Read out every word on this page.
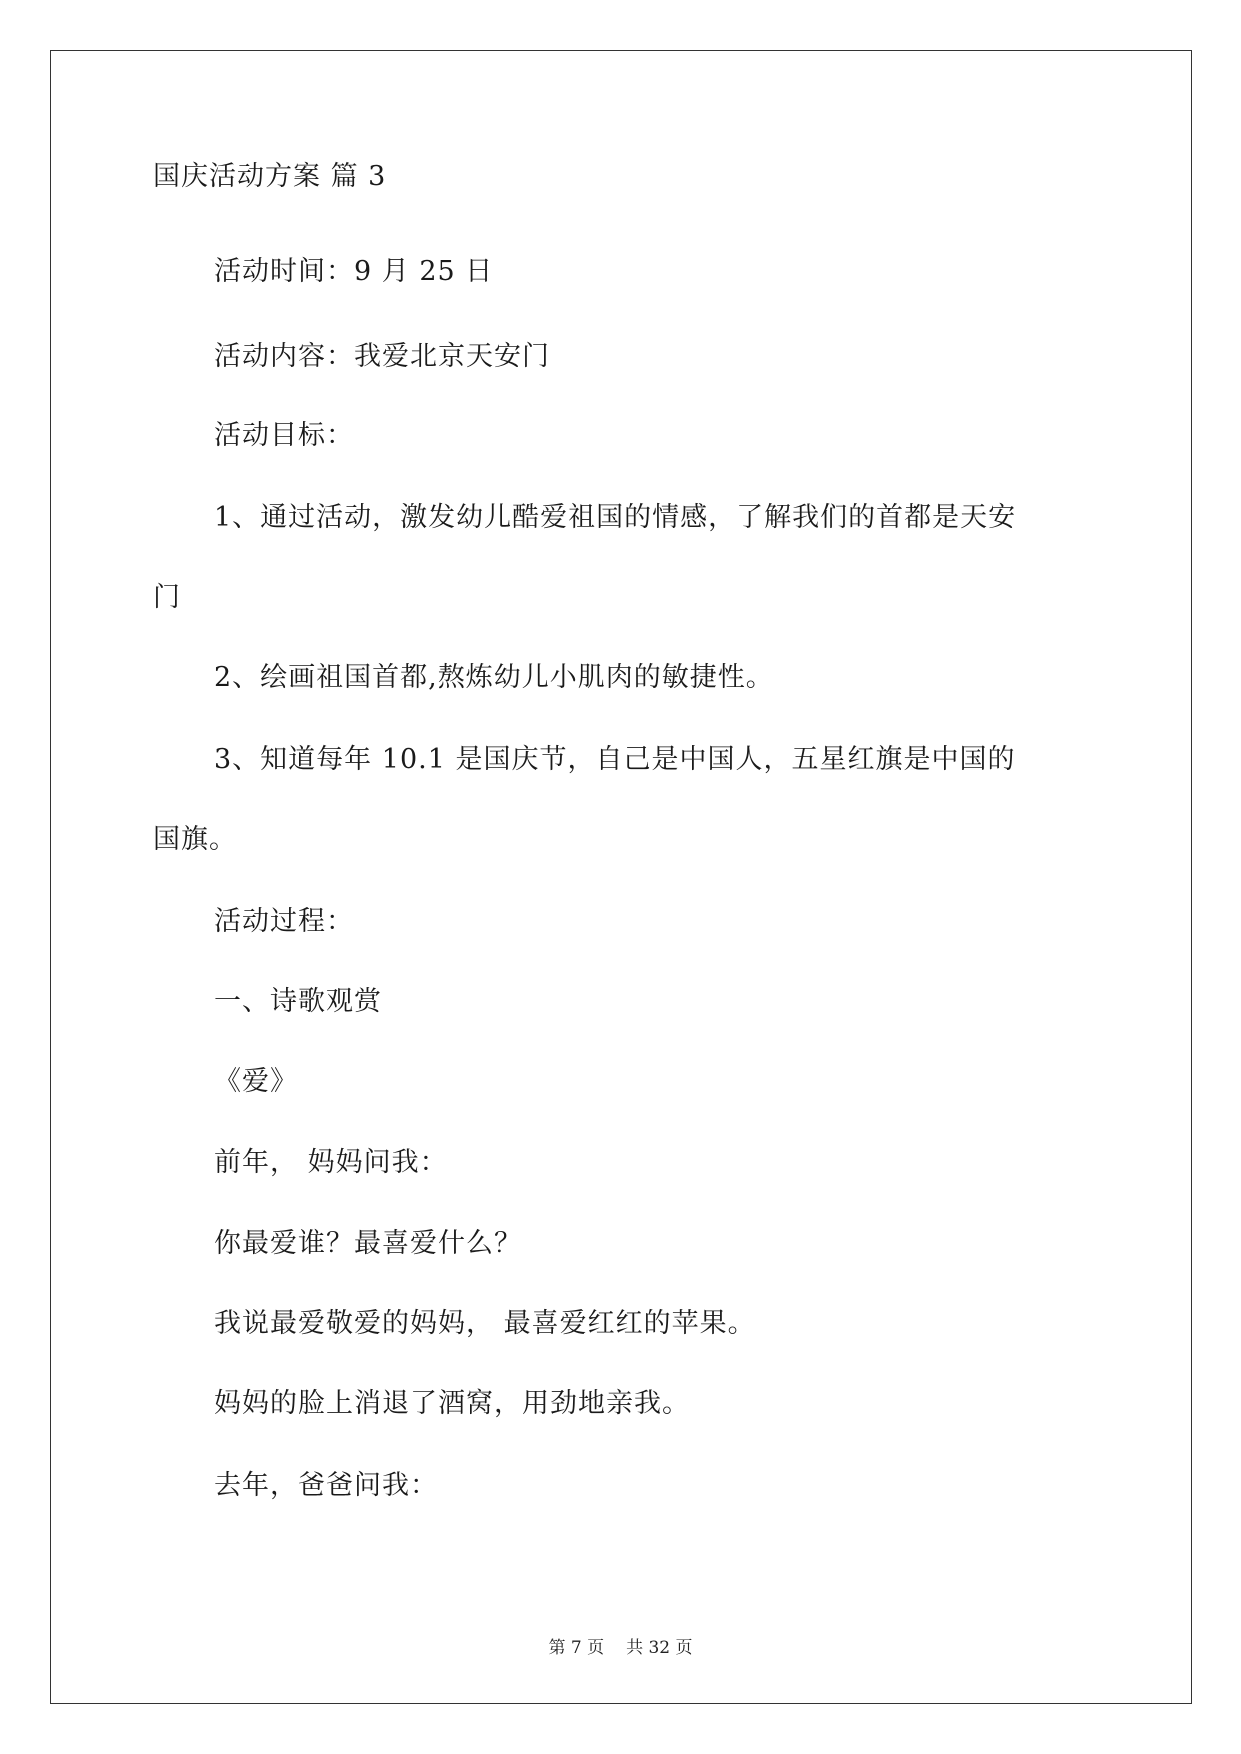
国庆活动方案 篇 3
活动时间：9 月 25 日
活动内容：我爱北京天安门
活动目标：
1、通过活动，激发幼儿酷爱祖国的情感，了解我们的首都是天安
门
2、绘画祖国首都,熬炼幼儿小肌肉的敏捷性。
3、知道每年 10.1 是国庆节，自己是中国人，五星红旗是中国的
国旗。
活动过程：
一、诗歌观赏
《爱》
前年， 妈妈问我：
你最爱谁？最喜爱什么？
我说最爱敬爱的妈妈， 最喜爱红红的苹果。
妈妈的脸上消退了酒窝，用劲地亲我。
去年，爸爸问我：
第 7 页 共 32 页
